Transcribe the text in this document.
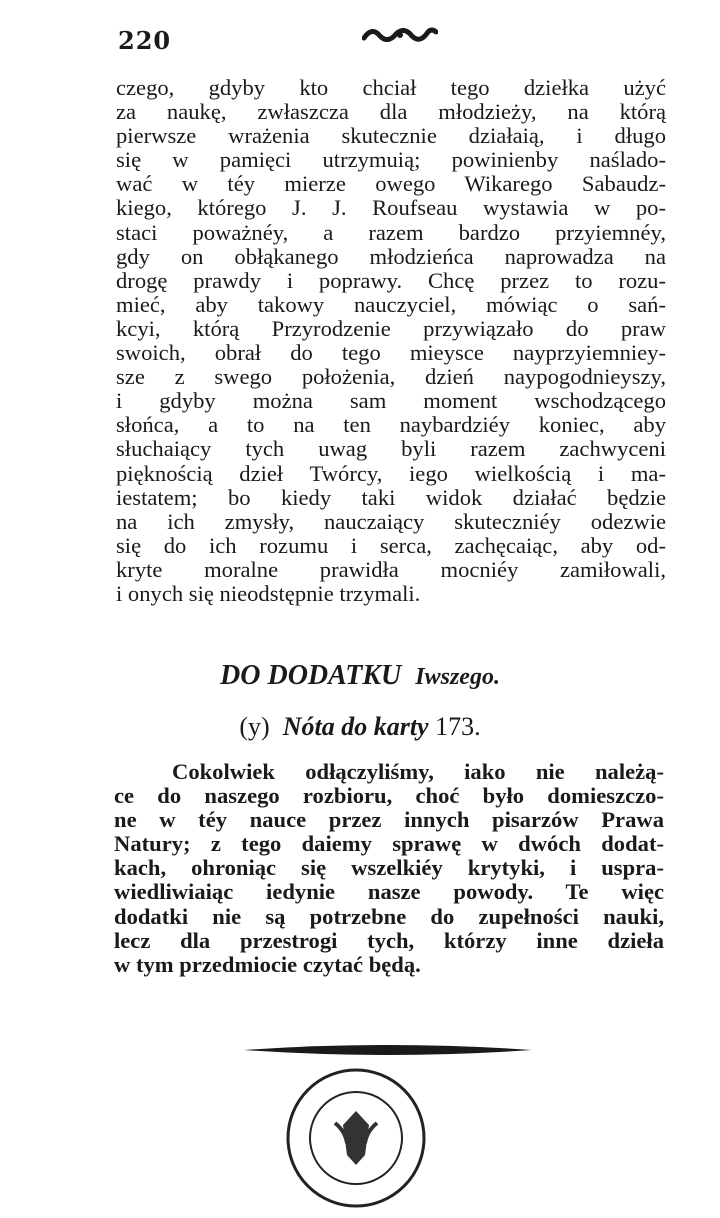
220
czego, gdyby kto chciał tego dziełka użyć
za naukę, zwłaszcza dla młodzieży, na którą
pierwsze wrażenia skutecznie działaią, i długo
się w pamięci utrzymuią; powinienby naślado-
wać w téy mierze owego Wikarego Sabaudz-
kiego, którego J. J. Roufseau wystawia w po-
staci poważnéy, a razem bardzo przyiemnéy,
gdy on obłąkanego młodzieńca naprowadza na
drogę prawdy i poprawy. Chcę przez to rozu-
mieć, aby takowy nauczyciel, mówiąc o sań-
kcyi, którą Przyrodzenie przywiązało do praw
swoich, obrał do tego mieysce nayprzyiemniey-
sze z swego położenia, dzień naypogodnieyszy,
i gdyby można sam moment wschodzącego
słońca, a to na ten naybardziéy koniec, aby
słuchaiący tych uwag byli razem zachwyceni
pięknością dzieł Twórcy, iego wielkością i ma-
iestatem; bo kiedy taki widok działać będzie
na ich zmysły, nauczaiący skuteczniéy odezwie
się do ich rozumu i serca, zachęcaiąc, aby od-
kryte moralne prawidła mocniéy zamiłowali,
i onych się nieodstępnie trzymali.
DO DODATKU Iwszego.
(y) Nóta do karty 173.
Cokolwiek odłączyliśmy, iako nie należą-
ce do naszego rozbioru, choć było domieszczo-
ne w téy nauce przez innych pisarzów Prawa
Natury; z tego daiemy sprawę w dwóch dodat-
kach, ohroniąc się wszelkiéy krytyki, i uspra-
wiedliwiaiąc iedynie nasze powody. Te więc
dodatki nie są potrzebne do zupełności nauki,
lecz dla przestrogi tych, którzy inne dzieła
w tym przedmiocie czytać będą.
